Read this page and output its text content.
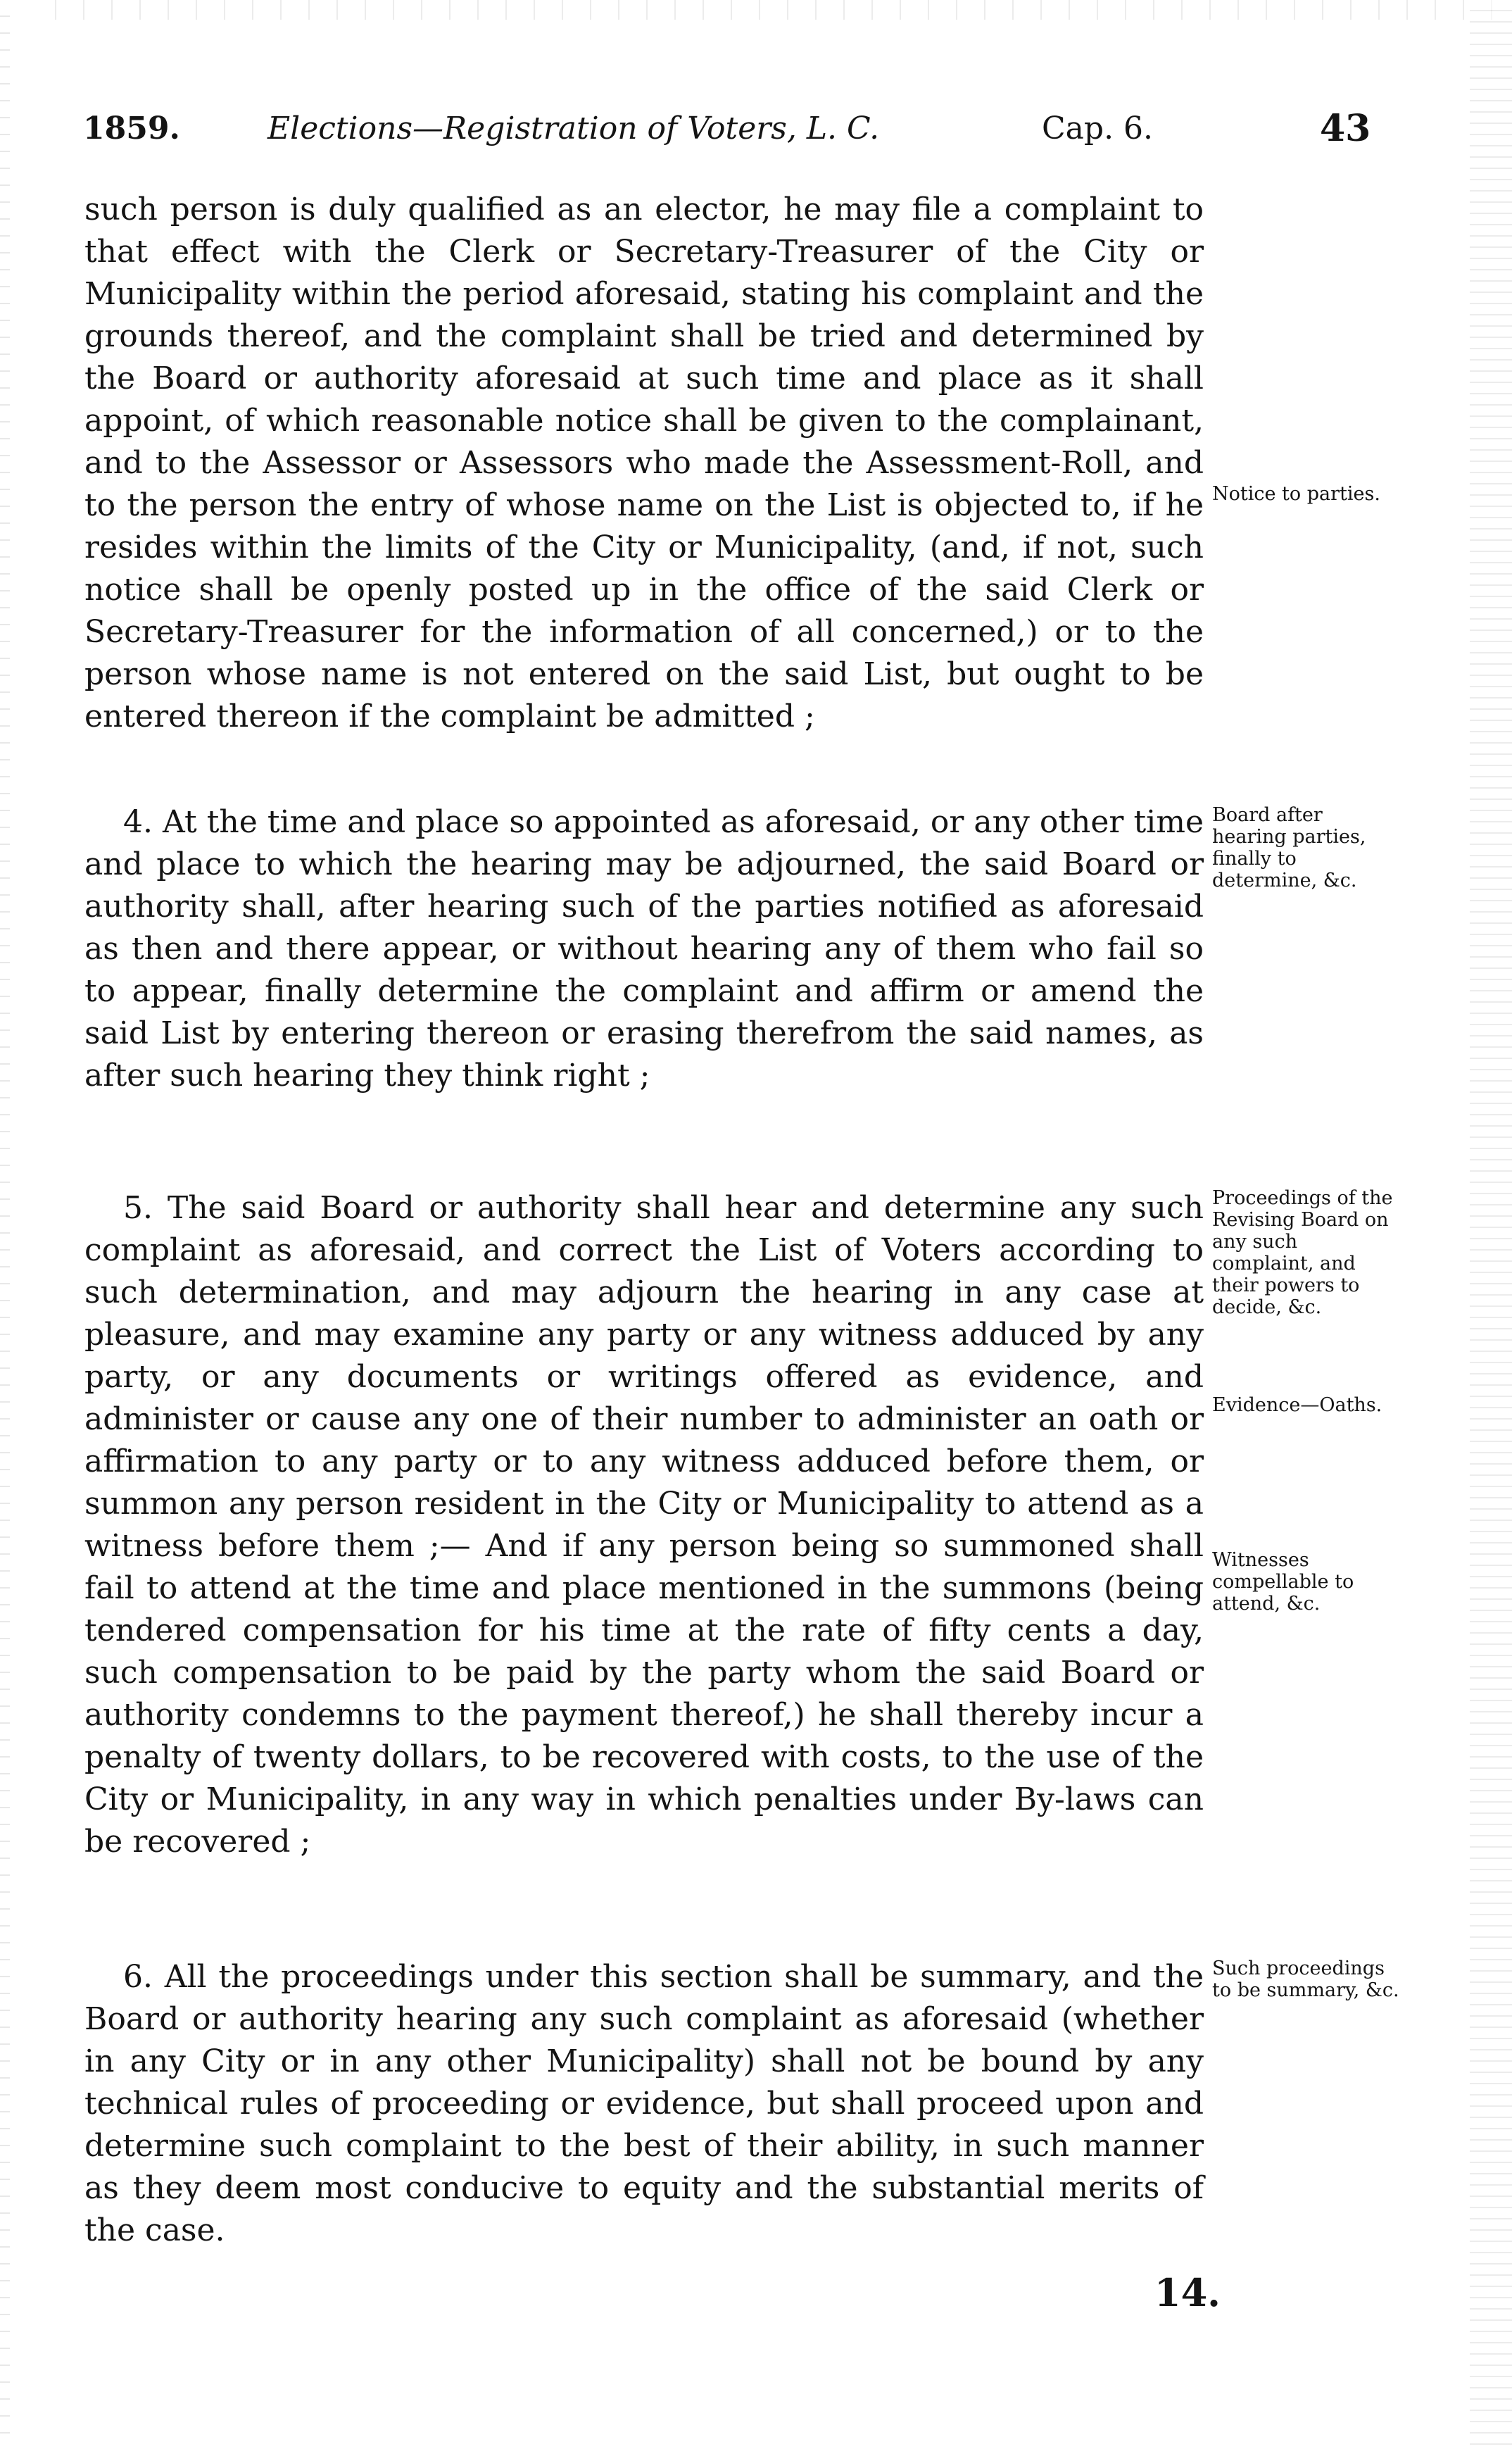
1859.	Elections—Registration of Voters, L. C.	Cap. 6.	43

such person is duly qualified as an elector, he may file a complaint to that effect with the Clerk or Secretary-Treasurer of the City or Municipality within the period aforesaid, stating his complaint and the grounds thereof, and the complaint shall be tried and determined by the Board or authority aforesaid at such time and place as it shall appoint, of which reasonable notice shall be given to the complainant, and to the Assessor or Assessors who made the Assessment-Roll, and to the person the entry of whose name on the List is objected to, if he resides within the limits of the City or Municipality, (and, if not, such notice shall be openly posted up in the office of the said Clerk or Secretary-Treasurer for the information of all concerned,) or to the person whose name is not entered on the said List, but ought to be entered thereon if the complaint be admitted ;

4. At the time and place so appointed as aforesaid, or any other time and place to which the hearing may be adjourned, the said Board or authority shall, after hearing such of the parties notified as aforesaid as then and there appear, or without hearing any of them who fail so to appear, finally determine the complaint and affirm or amend the said List by entering thereon or erasing therefrom the said names, as after such hearing they think right ;

5. The said Board or authority shall hear and determine any such complaint as aforesaid, and correct the List of Voters according to such determination, and may adjourn the hearing in any case at pleasure, and may examine any party or any witness adduced by any party, or any documents or writings offered as evidence, and administer or cause any one of their number to administer an oath or affirmation to any party or to any witness adduced before them, or summon any person resident in the City or Municipality to attend as a witness before them ;— And if any person being so summoned shall fail to attend at the time and place mentioned in the summons (being tendered compensation for his time at the rate of fifty cents a day, such compensation to be paid by the party whom the said Board or authority condemns to the payment thereof,) he shall thereby incur a penalty of twenty dollars, to be recovered with costs, to the use of the City or Municipality, in any way in which penalties under By-laws can be recovered ;

6. All the proceedings under this section shall be summary, and the Board or authority hearing any such complaint as aforesaid (whether in any City or in any other Municipality) shall not be bound by any technical rules of proceeding or evidence, but shall proceed upon and determine such complaint to the best of their ability, in such manner as they deem most conducive to equity and the substantial merits of the case.

Notice to parties.
Board after hearing parties, finally to determine, &c.
Proceedings of the Revising Board on any such complaint, and their powers to decide, &c.
Evidence—Oaths.
Witnesses compellable to attend, &c.
Such proceedings to be summary, &c.
14.
